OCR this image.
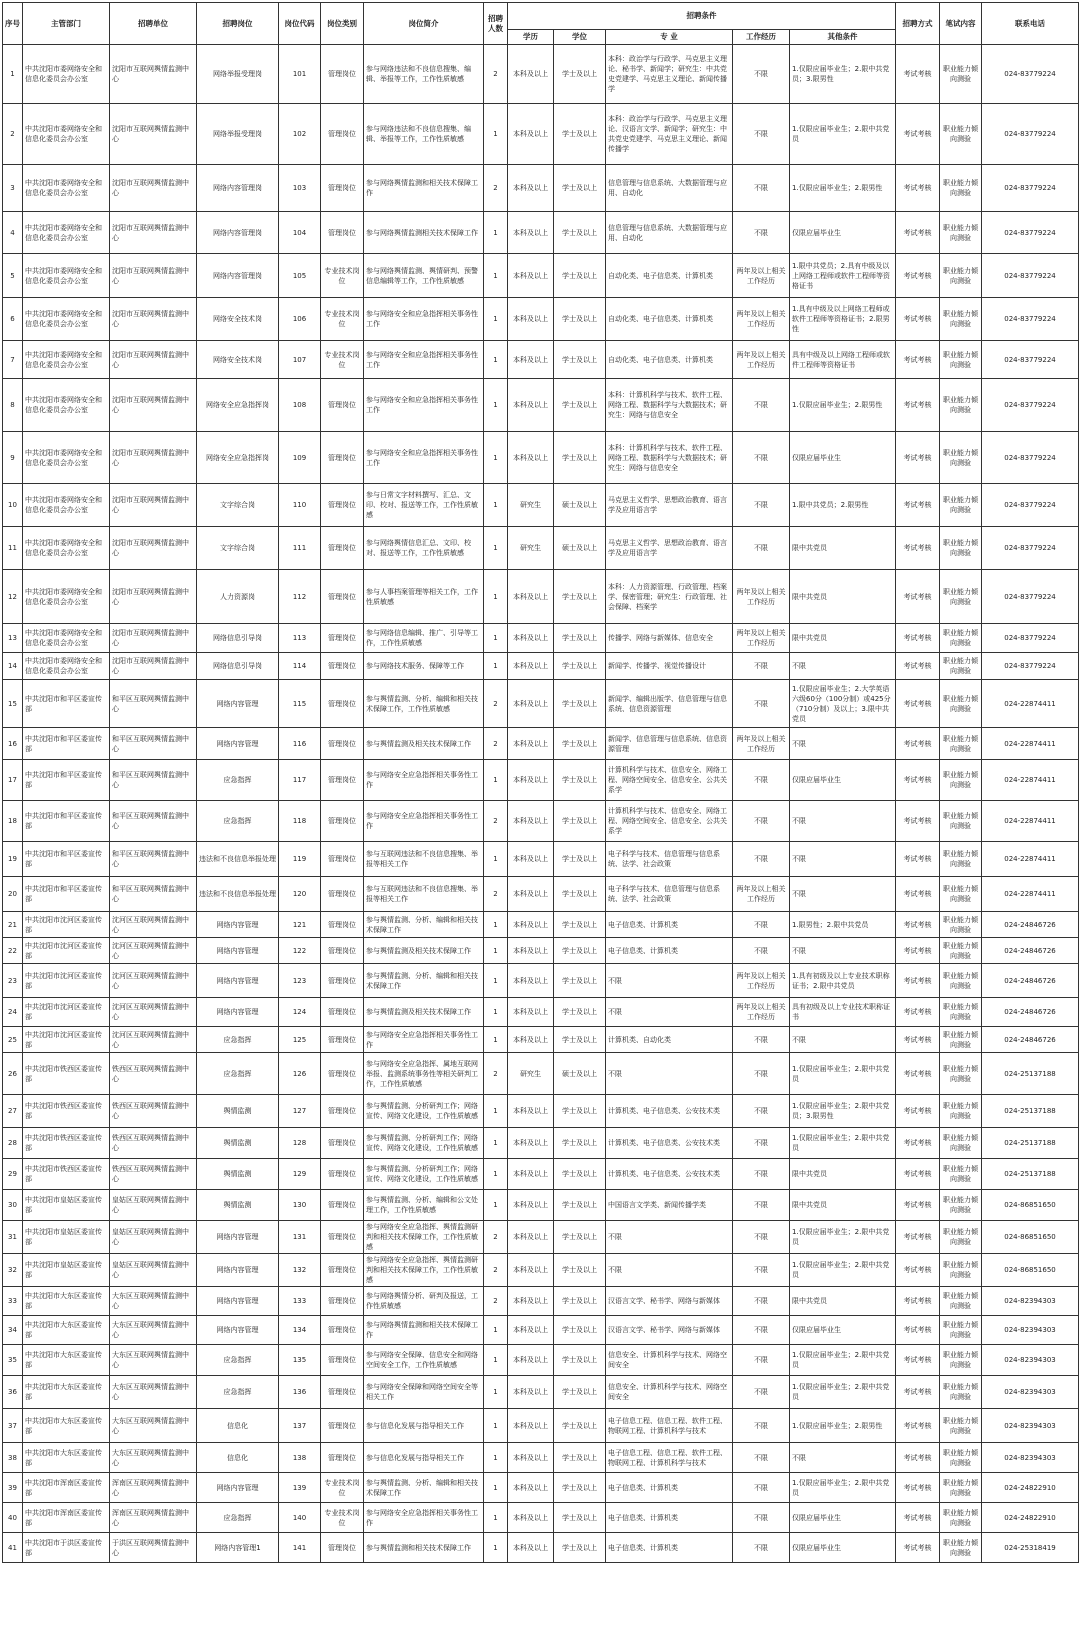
序号	主管部门	招聘单位	招聘岗位	岗位代码	岗位类别	岗位简介	招聘人数	招聘条件					招聘方式	笔试内容	联系电话
								学历	学位	专 业	工作经历	其他条件			
1	中共沈阳市委网络安全和信息化委员会办公室	沈阳市互联网舆情监测中心	网络举报受理岗	101	管理岗位	参与网络违法和不良信息搜集、编辑、举报等工作，工作性质敏感	2	本科及以上	学士及以上	本科：政治学与行政学、马克思主义理论、秘书学、新闻学；研究生：中共党史党建学、马克思主义理论、新闻传播学	不限	1.仅限应届毕业生；2.限中共党员；3.限男性	考试考核	职业能力倾向测验	024-83779224
2	中共沈阳市委网络安全和信息化委员会办公室	沈阳市互联网舆情监测中心	网络举报受理岗	102	管理岗位	参与网络违法和不良信息搜集、编辑、举报等工作，工作性质敏感	1	本科及以上	学士及以上	本科：政治学与行政学、马克思主义理论、汉语言文学、新闻学；研究生：中共党史党建学、马克思主义理论、新闻传播学	不限	1.仅限应届毕业生；2.限中共党员	考试考核	职业能力倾向测验	024-83779224
3	中共沈阳市委网络安全和信息化委员会办公室	沈阳市互联网舆情监测中心	网络内容管理岗	103	管理岗位	参与网络舆情监测和相关技术保障工作	2	本科及以上	学士及以上	信息管理与信息系统、大数据管理与应用、自动化	不限	1.仅限应届毕业生；2.限男性	考试考核	职业能力倾向测验	024-83779224
4	中共沈阳市委网络安全和信息化委员会办公室	沈阳市互联网舆情监测中心	网络内容管理岗	104	管理岗位	参与网络舆情监测相关技术保障工作	1	本科及以上	学士及以上	信息管理与信息系统、大数据管理与应用、自动化	不限	仅限应届毕业生	考试考核	职业能力倾向测验	024-83779224
5	中共沈阳市委网络安全和信息化委员会办公室	沈阳市互联网舆情监测中心	网络内容管理岗	105	专业技术岗位	参与网络舆情监测、舆情研判、预警信息编辑等工作，工作性质敏感	1	本科及以上	学士及以上	自动化类、电子信息类、计算机类	两年及以上相关工作经历	1.限中共党员；2.具有中级及以上网络工程师或软件工程师等资格证书	考试考核	职业能力倾向测验	024-83779224
6	中共沈阳市委网络安全和信息化委员会办公室	沈阳市互联网舆情监测中心	网络安全技术岗	106	专业技术岗位	参与网络安全和应急指挥相关事务性工作	1	本科及以上	学士及以上	自动化类、电子信息类、计算机类	两年及以上相关工作经历	1.具有中级及以上网络工程师或软件工程师等资格证书；2.限男性	考试考核	职业能力倾向测验	024-83779224
7	中共沈阳市委网络安全和信息化委员会办公室	沈阳市互联网舆情监测中心	网络安全技术岗	107	专业技术岗位	参与网络安全和应急指挥相关事务性工作	1	本科及以上	学士及以上	自动化类、电子信息类、计算机类	两年及以上相关工作经历	具有中级及以上网络工程师或软件工程师等资格证书	考试考核	职业能力倾向测验	024-83779224
8	中共沈阳市委网络安全和信息化委员会办公室	沈阳市互联网舆情监测中心	网络安全应急指挥岗	108	管理岗位	参与网络安全和应急指挥相关事务性工作	1	本科及以上	学士及以上	本科：计算机科学与技术、软件工程、网络工程、数据科学与大数据技术；研究生：网络与信息安全	不限	1.仅限应届毕业生；2.限男性	考试考核	职业能力倾向测验	024-83779224
9	中共沈阳市委网络安全和信息化委员会办公室	沈阳市互联网舆情监测中心	网络安全应急指挥岗	109	管理岗位	参与网络安全和应急指挥相关事务性工作	1	本科及以上	学士及以上	本科：计算机科学与技术、软件工程、网络工程、数据科学与大数据技术；研究生：网络与信息安全	不限	仅限应届毕业生	考试考核	职业能力倾向测验	024-83779224
10	中共沈阳市委网络安全和信息化委员会办公室	沈阳市互联网舆情监测中心	文字综合岗	110	管理岗位	参与日常文字材料撰写、汇总、文印、校对、报送等工作，工作性质敏感	1	研究生	硕士及以上	马克思主义哲学、思想政治教育、语言学及应用语言学	不限	1.限中共党员；2.限男性	考试考核	职业能力倾向测验	024-83779224
11	中共沈阳市委网络安全和信息化委员会办公室	沈阳市互联网舆情监测中心	文字综合岗	111	管理岗位	参与网络舆情信息汇总、文印、校对、报送等工作，工作性质敏感	1	研究生	硕士及以上	马克思主义哲学、思想政治教育、语言学及应用语言学	不限	限中共党员	考试考核	职业能力倾向测验	024-83779224
12	中共沈阳市委网络安全和信息化委员会办公室	沈阳市互联网舆情监测中心	人力资源岗	112	管理岗位	参与人事档案管理等相关工作，工作性质敏感	1	本科及以上	学士及以上	本科：人力资源管理、行政管理、档案学、保密管理；研究生：行政管理、社会保障、档案学	两年及以上相关工作经历	限中共党员	考试考核	职业能力倾向测验	024-83779224
13	中共沈阳市委网络安全和信息化委员会办公室	沈阳市互联网舆情监测中心	网络信息引导岗	113	管理岗位	参与网络信息编辑、推广、引导等工作，工作性质敏感	1	本科及以上	学士及以上	传播学、网络与新媒体、信息安全	两年及以上相关工作经历	限中共党员	考试考核	职业能力倾向测验	024-83779224
14	中共沈阳市委网络安全和信息化委员会办公室	沈阳市互联网舆情监测中心	网络信息引导岗	114	管理岗位	参与网络技术服务、保障等工作	1	本科及以上	学士及以上	新闻学、传播学、视觉传播设计	不限	不限	考试考核	职业能力倾向测验	024-83779224
15	中共沈阳市和平区委宣传部	和平区互联网舆情监测中心	网络内容管理	115	管理岗位	参与舆情监测、分析、编辑和相关技术保障工作，工作性质敏感	2	本科及以上	学士及以上	新闻学、编辑出版学、信息管理与信息系统、信息资源管理	不限	1.仅限应届毕业生；2.大学英语六级60分（100分制）或425分（710分制）及以上；3.限中共党员	考试考核	职业能力倾向测验	024-22874411
16	中共沈阳市和平区委宣传部	和平区互联网舆情监测中心	网络内容管理	116	管理岗位	参与舆情监测及相关技术保障工作	2	本科及以上	学士及以上	新闻学、信息管理与信息系统、信息资源管理	两年及以上相关工作经历	不限	考试考核	职业能力倾向测验	024-22874411
17	中共沈阳市和平区委宣传部	和平区互联网舆情监测中心	应急指挥	117	管理岗位	参与网络安全应急指挥相关事务性工作	1	本科及以上	学士及以上	计算机科学与技术、信息安全、网络工程、网络空间安全、信息安全、公共关系学	不限	仅限应届毕业生	考试考核	职业能力倾向测验	024-22874411
18	中共沈阳市和平区委宣传部	和平区互联网舆情监测中心	应急指挥	118	管理岗位	参与网络安全应急指挥相关事务性工作	2	本科及以上	学士及以上	计算机科学与技术、信息安全、网络工程、网络空间安全、信息安全、公共关系学	不限	不限	考试考核	职业能力倾向测验	024-22874411
19	中共沈阳市和平区委宣传部	和平区互联网舆情监测中心	违法和不良信息举报处理	119	管理岗位	参与互联网违法和不良信息搜集、举报等相关工作	1	本科及以上	学士及以上	电子科学与技术、信息管理与信息系统、法学、社会政策	不限	不限	考试考核	职业能力倾向测验	024-22874411
20	中共沈阳市和平区委宣传部	和平区互联网舆情监测中心	违法和不良信息举报处理	120	管理岗位	参与互联网违法和不良信息搜集、举报等相关工作	2	本科及以上	学士及以上	电子科学与技术、信息管理与信息系统、法学、社会政策	两年及以上相关工作经历	不限	考试考核	职业能力倾向测验	024-22874411
21	中共沈阳市沈河区委宣传部	沈河区互联网舆情监测中心	网络内容管理	121	管理岗位	参与舆情监测、分析、编辑和相关技术保障工作	1	本科及以上	学士及以上	电子信息类、计算机类	不限	1.限男性；2.限中共党员	考试考核	职业能力倾向测验	024-24846726
22	中共沈阳市沈河区委宣传部	沈河区互联网舆情监测中心	网络内容管理	122	管理岗位	参与舆情监测及相关技术保障工作	1	本科及以上	学士及以上	电子信息类、计算机类	不限	不限	考试考核	职业能力倾向测验	024-24846726
23	中共沈阳市沈河区委宣传部	沈河区互联网舆情监测中心	网络内容管理	123	管理岗位	参与舆情监测、分析、编辑和相关技术保障工作	1	本科及以上	学士及以上	不限	两年及以上相关工作经历	1.具有初级及以上专业技术职称证书；2.限中共党员	考试考核	职业能力倾向测验	024-24846726
24	中共沈阳市沈河区委宣传部	沈河区互联网舆情监测中心	网络内容管理	124	管理岗位	参与舆情监测及相关技术保障工作	1	本科及以上	学士及以上	不限	两年及以上相关工作经历	具有初级及以上专业技术职称证书	考试考核	职业能力倾向测验	024-24846726
25	中共沈阳市沈河区委宣传部	沈河区互联网舆情监测中心	应急指挥	125	管理岗位	参与网络安全应急指挥相关事务性工作	1	本科及以上	学士及以上	计算机类、自动化类	不限	不限	考试考核	职业能力倾向测验	024-24846726
26	中共沈阳市铁西区委宣传部	铁西区互联网舆情监测中心	应急指挥	126	管理岗位	参与网络安全应急指挥、属地互联网举报、监测系统事务性等相关研判工作，工作性质敏感	2	研究生	硕士及以上	不限	不限	1.仅限应届毕业生；2.限中共党员	考试考核	职业能力倾向测验	024-25137188
27	中共沈阳市铁西区委宣传部	铁西区互联网舆情监测中心	舆情监测	127	管理岗位	参与舆情监测、分析研判工作；网络宣传、网络文化建设，工作性质敏感	1	本科及以上	学士及以上	计算机类、电子信息类、公安技术类	不限	1.仅限应届毕业生；2.限中共党员；3.限男性	考试考核	职业能力倾向测验	024-25137188
28	中共沈阳市铁西区委宣传部	铁西区互联网舆情监测中心	舆情监测	128	管理岗位	参与舆情监测、分析研判工作；网络宣传、网络文化建设，工作性质敏感	1	本科及以上	学士及以上	计算机类、电子信息类、公安技术类	不限	1.仅限应届毕业生；2.限中共党员	考试考核	职业能力倾向测验	024-25137188
29	中共沈阳市铁西区委宣传部	铁西区互联网舆情监测中心	舆情监测	129	管理岗位	参与舆情监测、分析研判工作；网络宣传、网络文化建设，工作性质敏感	1	本科及以上	学士及以上	计算机类、电子信息类、公安技术类	不限	限中共党员	考试考核	职业能力倾向测验	024-25137188
30	中共沈阳市皇姑区委宣传部	皇姑区互联网舆情监测中心	舆情监测	130	管理岗位	参与舆情监测、分析、编辑和公文处理工作，工作性质敏感	1	本科及以上	学士及以上	中国语言文学类、新闻传播学类	不限	限中共党员	考试考核	职业能力倾向测验	024-86851650
31	中共沈阳市皇姑区委宣传部	皇姑区互联网舆情监测中心	网络内容管理	131	管理岗位	参与网络安全应急指挥、舆情监测研判和相关技术保障工作，工作性质敏感	2	本科及以上	学士及以上	不限	不限	1.仅限应届毕业生；2.限中共党员	考试考核	职业能力倾向测验	024-86851650
32	中共沈阳市皇姑区委宣传部	皇姑区互联网舆情监测中心	网络内容管理	132	管理岗位	参与网络安全应急指挥、舆情监测研判和相关技术保障工作，工作性质敏感	2	本科及以上	学士及以上	不限	不限	1.仅限应届毕业生；2.限中共党员	考试考核	职业能力倾向测验	024-86851650
33	中共沈阳市大东区委宣传部	大东区互联网舆情监测中心	网络内容管理	133	管理岗位	参与网络舆情分析、研判及报送，工作性质敏感	2	本科及以上	学士及以上	汉语言文学、秘书学、网络与新媒体	不限	限中共党员	考试考核	职业能力倾向测验	024-82394303
34	中共沈阳市大东区委宣传部	大东区互联网舆情监测中心	网络内容管理	134	管理岗位	参与网络舆情监测和相关技术保障工作	1	本科及以上	学士及以上	汉语言文学、秘书学、网络与新媒体	不限	仅限应届毕业生	考试考核	职业能力倾向测验	024-82394303
35	中共沈阳市大东区委宣传部	大东区互联网舆情监测中心	应急指挥	135	管理岗位	参与网络安全保障、信息安全和网络空间安全工作，工作性质敏感	1	本科及以上	学士及以上	信息安全、计算机科学与技术、网络空间安全	不限	1.仅限应届毕业生；2.限中共党员	考试考核	职业能力倾向测验	024-82394303
36	中共沈阳市大东区委宣传部	大东区互联网舆情监测中心	应急指挥	136	管理岗位	参与网络安全保障和网络空间安全等相关工作	1	本科及以上	学士及以上	信息安全、计算机科学与技术、网络空间安全	不限	1.仅限应届毕业生；2.限中共党员	考试考核	职业能力倾向测验	024-82394303
37	中共沈阳市大东区委宣传部	大东区互联网舆情监测中心	信息化	137	管理岗位	参与信息化发展与指导相关工作	1	本科及以上	学士及以上	电子信息工程、信息工程、软件工程、物联网工程、计算机科学与技术	不限	1.仅限应届毕业生；2.限男性	考试考核	职业能力倾向测验	024-82394303
38	中共沈阳市大东区委宣传部	大东区互联网舆情监测中心	信息化	138	管理岗位	参与信息化发展与指导相关工作	1	本科及以上	学士及以上	电子信息工程、信息工程、软件工程、物联网工程、计算机科学与技术	不限	不限	考试考核	职业能力倾向测验	024-82394303
39	中共沈阳市浑南区委宣传部	浑南区互联网舆情监测中心	网络内容管理	139	专业技术岗位	参与舆情监测、分析、编辑和相关技术保障工作	1	本科及以上	学士及以上	电子信息类、计算机类	不限	1.仅限应届毕业生；2.限中共党员	考试考核	职业能力倾向测验	024-24822910
40	中共沈阳市浑南区委宣传部	浑南区互联网舆情监测中心	应急指挥	140	专业技术岗位	参与网络安全应急指挥相关事务性工作	1	本科及以上	学士及以上	电子信息类、计算机类	不限	仅限应届毕业生	考试考核	职业能力倾向测验	024-24822910
41	中共沈阳市于洪区委宣传部	于洪区互联网舆情监测中心	网络内容管理1	141	管理岗位	参与舆情监测和相关技术保障工作	1	本科及以上	学士及以上	电子信息类、计算机类	不限	仅限应届毕业生	考试考核	职业能力倾向测验	024-25318419
